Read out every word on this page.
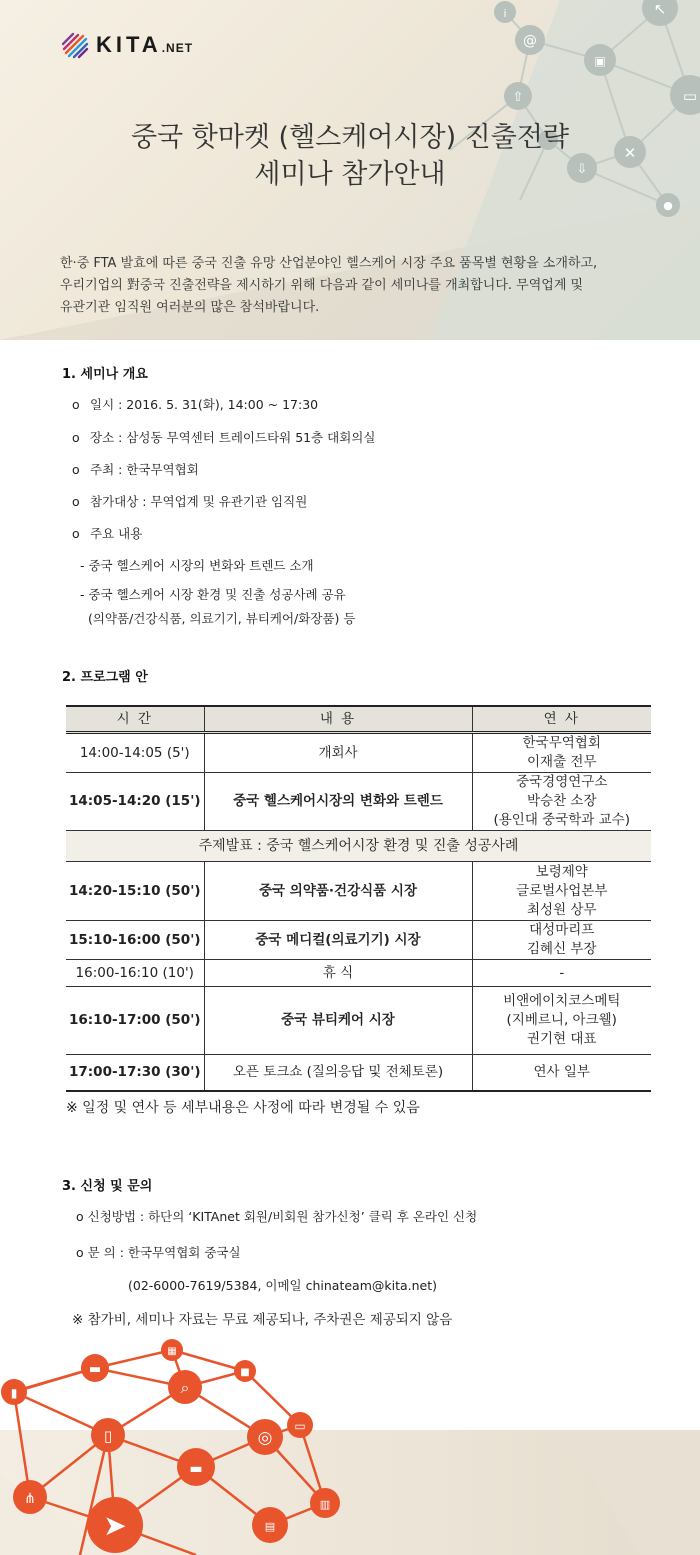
@
i
⇧
⇩
✕
▣
↖
▭
●
KITA.NET
중국 핫마켓 (헬스케어시장) 진출전략
세미나 참가안내
한·중 FTA 발효에 따른 중국 진출 유망 산업분야인 헬스케어 시장 주요 품목별 현황을 소개하고,
우리기업의 對중국 진출전략을 제시하기 위해 다음과 같이 세미나를 개최합니다. 무역업계 및
유관기관 임직원 여러분의 많은 참석바랍니다.
1. 세미나 개요
o 일시 : 2016. 5. 31(화), 14:00 ~ 17:30
o 장소 : 삼성동 무역센터 트레이드타워 51층 대회의실
o 주최 : 한국무역협회
o 참가대상 : 무역업계 및 유관기관 임직원
o 주요 내용
- 중국 헬스케어 시장의 변화와 트렌드 소개
- 중국 헬스케어 시장 환경 및 진출 성공사례 공유
(의약품/건강식품, 의료기기, 뷰티케어/화장품) 등
2. 프로그램 안
시 간	내 용	연 사
14:00-14:05 (5')	개회사	한국무역협회
이재출 전무

14:05-14:20 (15')	중국 헬스케어시장의 변화와 트렌드	중국경영연구소
박승찬 소장
(용인대 중국학과 교수)

주제발표 : 중국 헬스케어시장 환경 및 진출 성공사례		
14:20-15:10 (50')	중국 의약품·건강식품 시장	보령제약
글로벌사업본부
최성원 상무

15:10-16:00 (50')	중국 메디컬(의료기기) 시장	대성마리프
김혜신 부장

16:00-16:10 (10')	휴 식	-
16:10-17:00 (50')	중국 뷰티케어 시장	비앤에이치코스메틱
(지베르니, 아크웰)
권기현 대표

17:00-17:30 (30')	오픈 토크쇼 (질의응답 및 전체토론)	연사 일부
※ 일정 및 연사 등 세부내용은 사정에 따라 변경될 수 있음
3. 신청 및 문의
o 신청방법 : 하단의 ‘KITAnet 회원/비회원 참가신청’ 클릭 후 온라인 신청
o 문 의 : 한국무역협회 중국실
(02-6000-7619/5384, 이메일 chinateam@kita.net)
※ 참가비, 세미나 자료는 무료 제공되나, 주차권은 제공되지 않음
▮
▬
▦
■
⌕
▯
▬
◎
▭
⋔
➤	▤
▥
